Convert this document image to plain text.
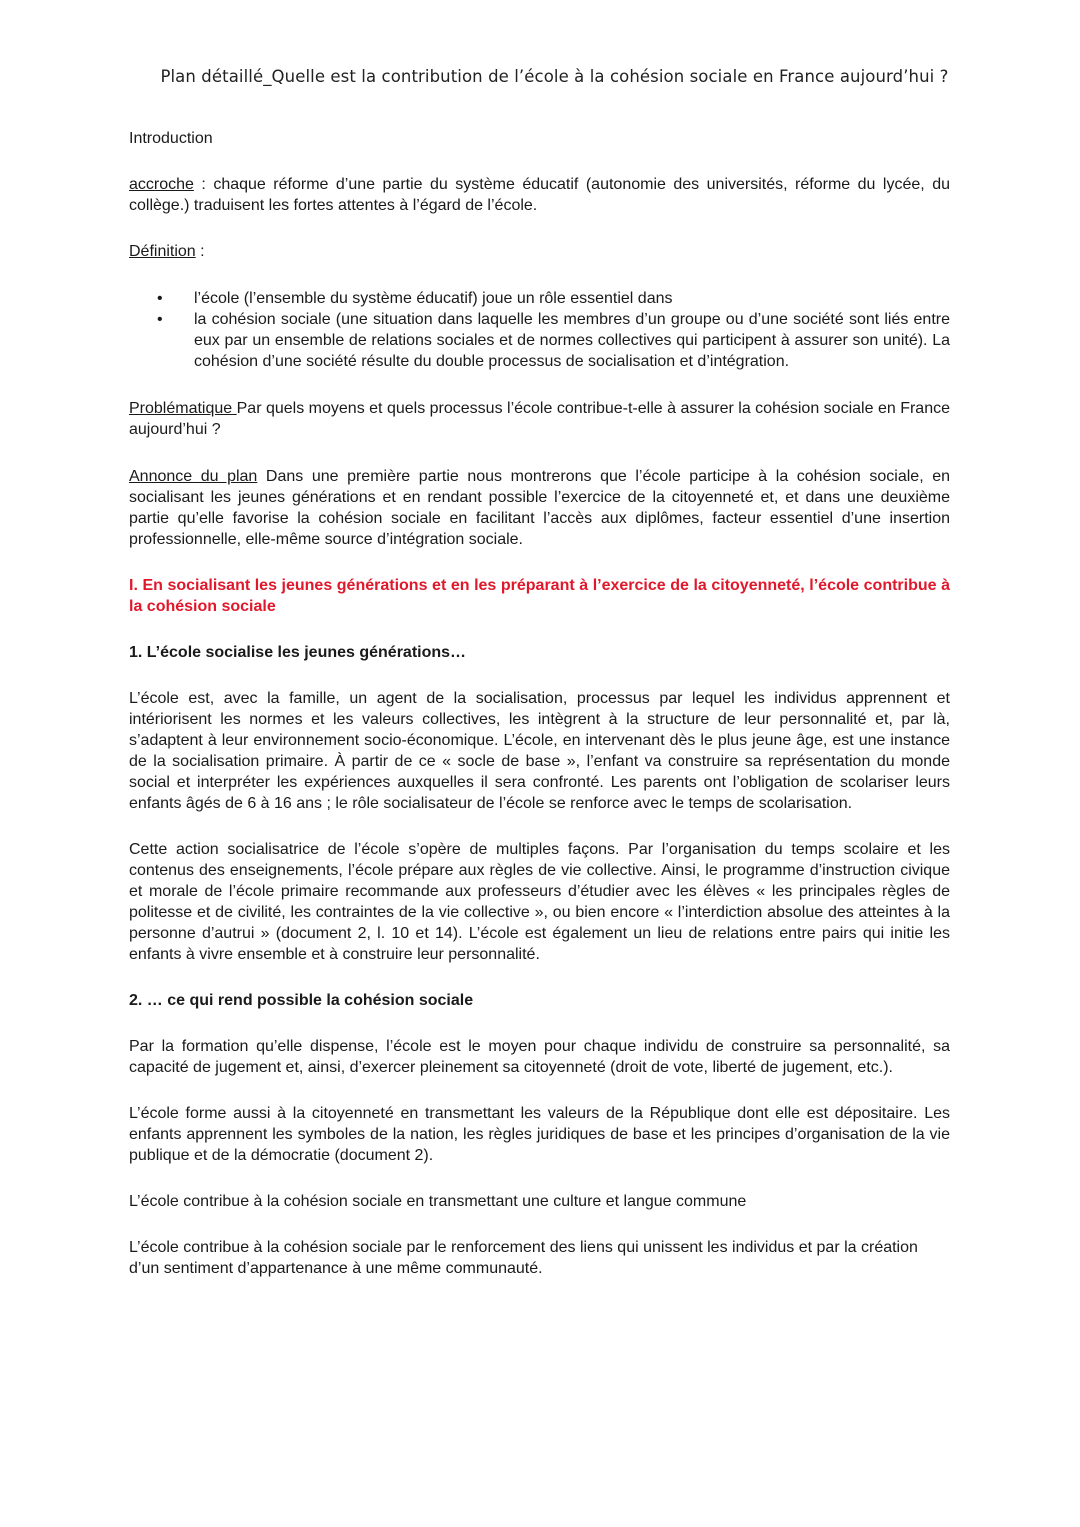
Plan détaillé_Quelle est la contribution de l’école à la cohésion sociale en France aujourd’hui ?

Introduction

accroche : chaque réforme d’une partie du système éducatif (autonomie des universités, réforme du lycée, du collège.) traduisent les fortes attentes à l’égard de l’école.

Définition :

• l’école (l’ensemble du système éducatif) joue un rôle essentiel dans
• la cohésion sociale (une situation dans laquelle les membres d’un groupe ou d’une société sont liés entre eux par un ensemble de relations sociales et de normes collectives qui participent à assurer son unité). La cohésion d’une société résulte du double processus de socialisation et d’intégration.

Problématique Par quels moyens et quels processus l’école contribue-t-elle à assurer la cohésion sociale en France aujourd’hui ?

Annonce du plan Dans une première partie nous montrerons que l’école participe à la cohésion sociale, en socialisant les jeunes générations et en rendant possible l’exercice de la citoyenneté et, et dans une deuxième partie qu’elle favorise la cohésion sociale en facilitant l’accès aux diplômes, facteur essentiel d’une insertion professionnelle, elle-même source d’intégration sociale.

I. En socialisant les jeunes générations et en les préparant à l’exercice de la citoyenneté, l’école contribue à la cohésion sociale

1. L’école socialise les jeunes générations…

L’école est, avec la famille, un agent de la socialisation, processus par lequel les individus apprennent et intériorisent les normes et les valeurs collectives, les intègrent à la structure de leur personnalité et, par là, s’adaptent à leur environnement socio-économique. L’école, en intervenant dès le plus jeune âge, est une instance de la socialisation primaire. À partir de ce « socle de base », l’enfant va construire sa représentation du monde social et interpréter les expériences auxquelles il sera confronté. Les parents ont l’obligation de scolariser leurs enfants âgés de 6 à 16 ans ; le rôle socialisateur de l’école se renforce avec le temps de scolarisation.

Cette action socialisatrice de l’école s’opère de multiples façons. Par l’organisation du temps scolaire et les contenus des enseignements, l’école prépare aux règles de vie collective. Ainsi, le programme d’instruction civique et morale de l’école primaire recommande aux professeurs d’étudier avec les élèves « les principales règles de politesse et de civilité, les contraintes de la vie collective », ou bien encore « l’interdiction absolue des atteintes à la personne d’autrui » (document 2, l. 10 et 14). L’école est également un lieu de relations entre pairs qui initie les enfants à vivre ensemble et à construire leur personnalité.

2. … ce qui rend possible la cohésion sociale

Par la formation qu’elle dispense, l’école est le moyen pour chaque individu de construire sa personnalité, sa capacité de jugement et, ainsi, d’exercer pleinement sa citoyenneté (droit de vote, liberté de jugement, etc.).

L’école forme aussi à la citoyenneté en transmettant les valeurs de la République dont elle est dépositaire. Les enfants apprennent les symboles de la nation, les règles juridiques de base et les principes d’organisation de la vie publique et de la démocratie (document 2).

L’école contribue à la cohésion sociale en transmettant une culture et langue commune

L’école contribue à la cohésion sociale par le renforcement des liens qui unissent les individus et par la création d’un sentiment d’appartenance à une même communauté.
